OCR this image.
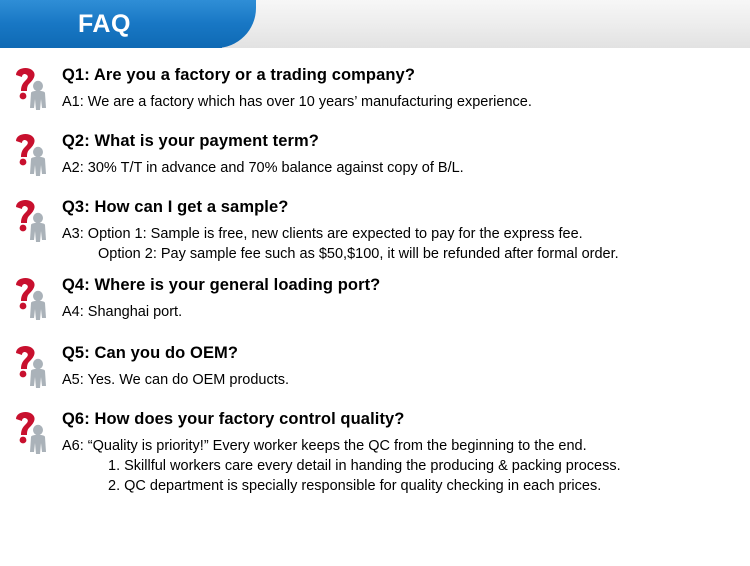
FAQ

Q1: Are you a factory or a trading company?

A1: We are a factory which has over 10 years’ manufacturing experience.

Q2: What is your payment term?

A2: 30% T/T in advance and 70% balance against copy of B/L.

Q3: How can I get a sample?

A3: Option 1: Sample is free, new clients are expected to pay for the express fee.

Option 2: Pay sample fee such as $50,$100, it will be refunded after formal order.

Q4: Where is your general loading port?

A4: Shanghai port.

Q5: Can you do OEM?

A5: Yes. We can do OEM products.

Q6: How does your factory control quality?

A6: “Quality is priority!” Every worker keeps the QC from the beginning to the end.

1. Skillful workers care every detail in handing the producing & packing process.

2. QC department is specially responsible for quality checking in each prices.
